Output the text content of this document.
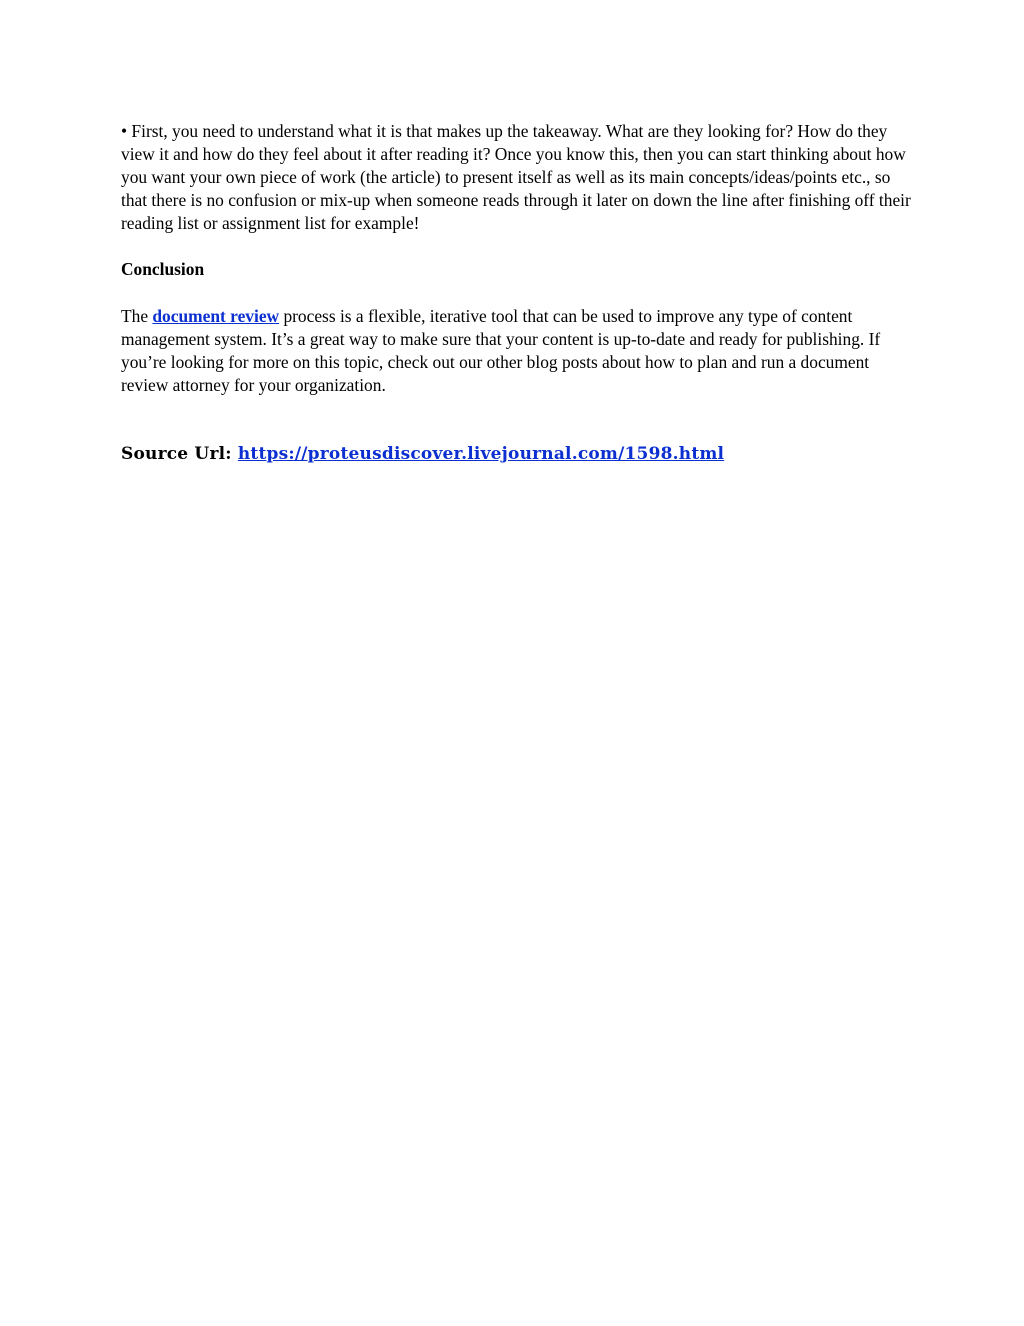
• First, you need to understand what it is that makes up the takeaway. What are they looking for? How do they view it and how do they feel about it after reading it? Once you know this, then you can start thinking about how you want your own piece of work (the article) to present itself as well as its main concepts/ideas/points etc., so that there is no confusion or mix-up when someone reads through it later on down the line after finishing off their reading list or assignment list for example!

Conclusion

The document review process is a flexible, iterative tool that can be used to improve any type of content management system. It’s a great way to make sure that your content is up-to-date and ready for publishing. If you’re looking for more on this topic, check out our other blog posts about how to plan and run a document review attorney for your organization.

Source Url: https://proteusdiscover.livejournal.com/1598.html
